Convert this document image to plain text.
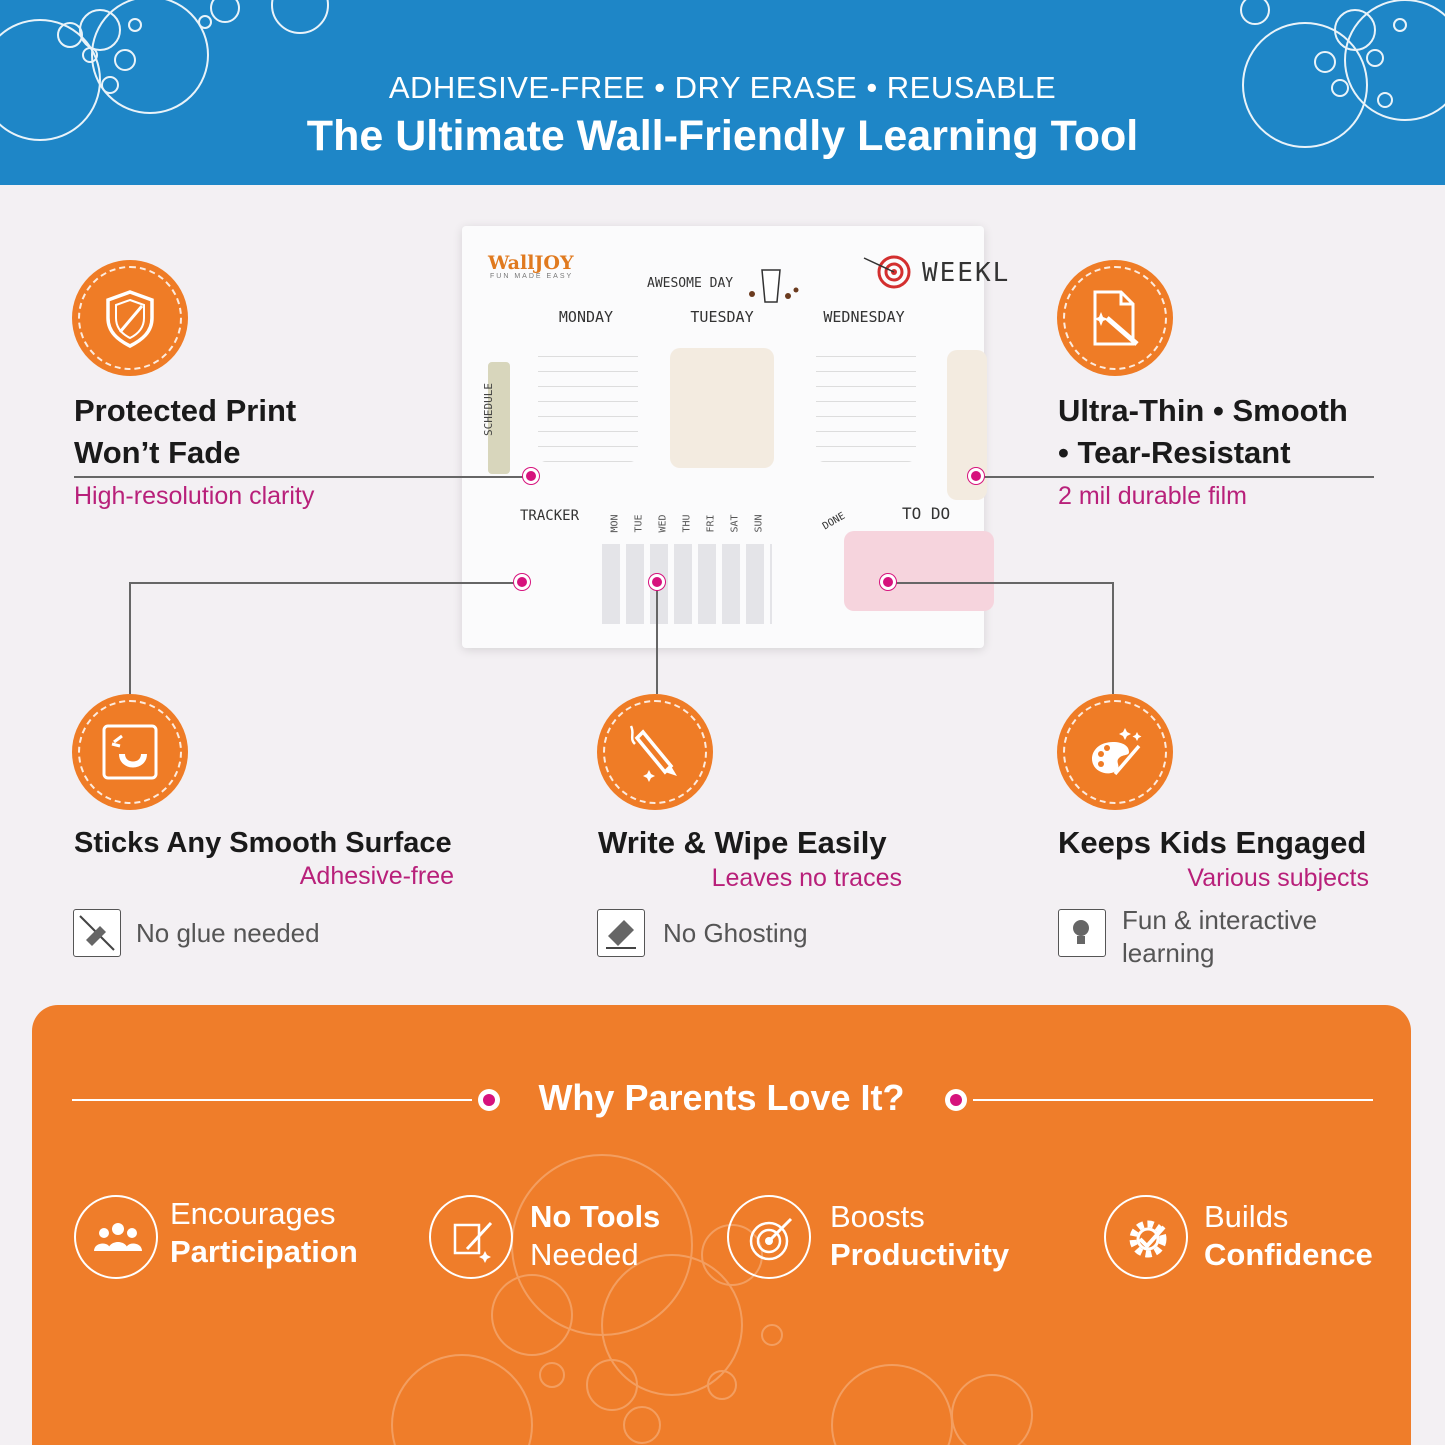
ADHESIVE-FREE • DRY ERASE • REUSABLE
The Ultimate Wall-Friendly Learning Tool
WallJOY
FUN MADE EASY	AWESOME DAY	WEEKL
MONDAY	TUESDAY	WEDNESDAY
SCHEDULE
TRACKER	MON TUE WED THU FRI SAT SUN	DONE	TO DO
Protected Print
Won’t Fade
High-resolution clarity
Ultra-Thin • Smooth
• Tear-Resistant
2 mil durable film
Sticks Any Smooth Surface
Adhesive-free
No glue needed
Write & Wipe Easily
Leaves no traces
No Ghosting
Keeps Kids Engaged
Various subjects
Fun & interactive
learning
Why Parents Love It?
Encourages
Participation
No Tools
Needed
Boosts
Productivity
Builds
Confidence
